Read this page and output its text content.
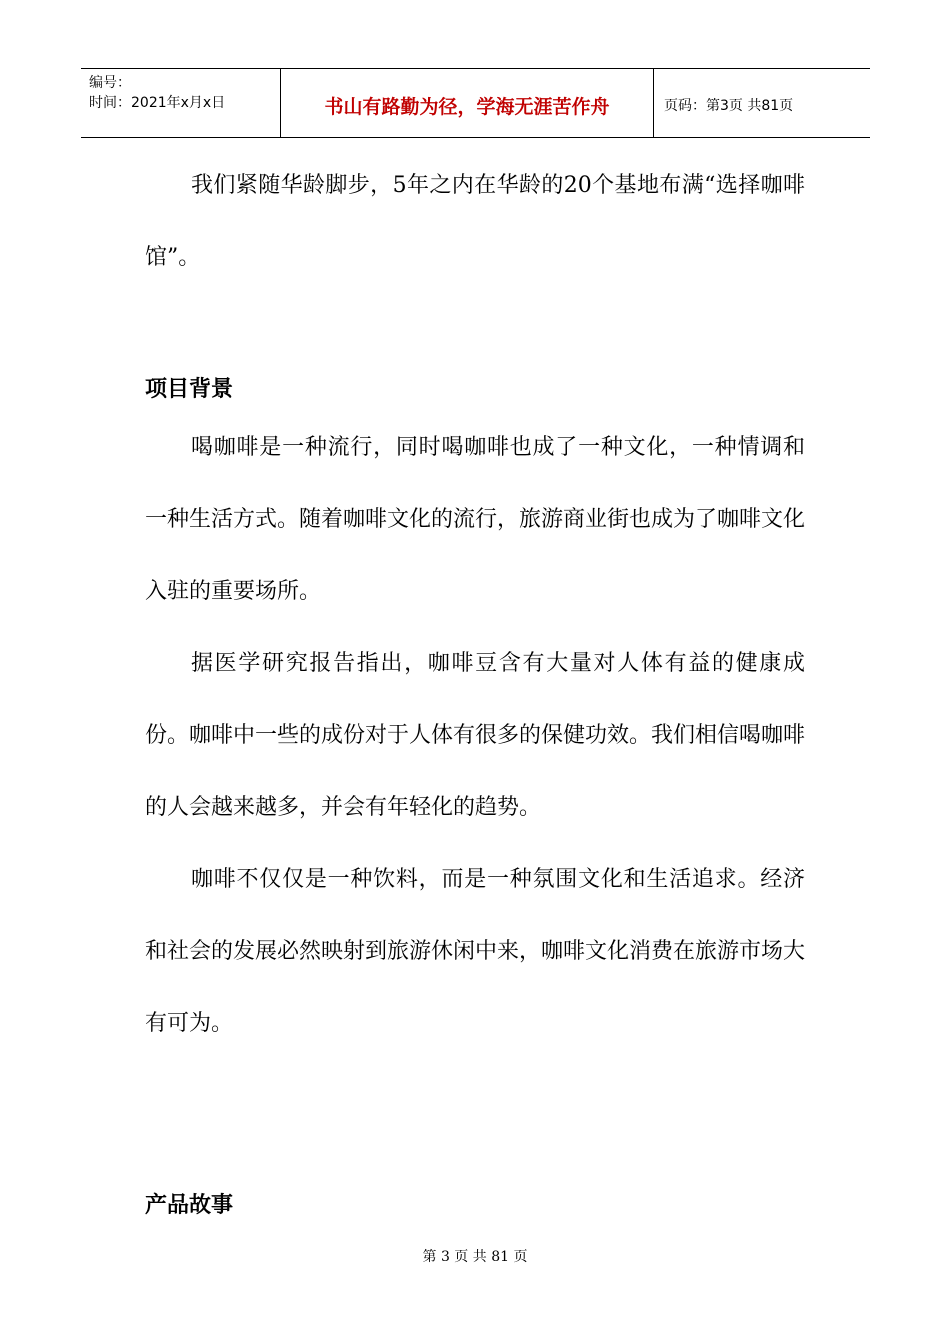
编号：
时间：2021年x月x日	书山有路勤为径，学海无涯苦作舟	页码：第3页 共81页

我们紧随华龄脚步，5年之内在华龄的20个基地布满“选择咖啡馆”。

项目背景

喝咖啡是一种流行，同时喝咖啡也成了一种文化，一种情调和一种生活方式。随着咖啡文化的流行，旅游商业街也成为了咖啡文化入驻的重要场所。

据医学研究报告指出，咖啡豆含有大量对人体有益的健康成份。咖啡中一些的成份对于人体有很多的保健功效。我们相信喝咖啡的人会越来越多，并会有年轻化的趋势。

咖啡不仅仅是一种饮料，而是一种氛围文化和生活追求。经济和社会的发展必然映射到旅游休闲中来，咖啡文化消费在旅游市场大有可为。

产品故事
第 3 页 共 81 页
